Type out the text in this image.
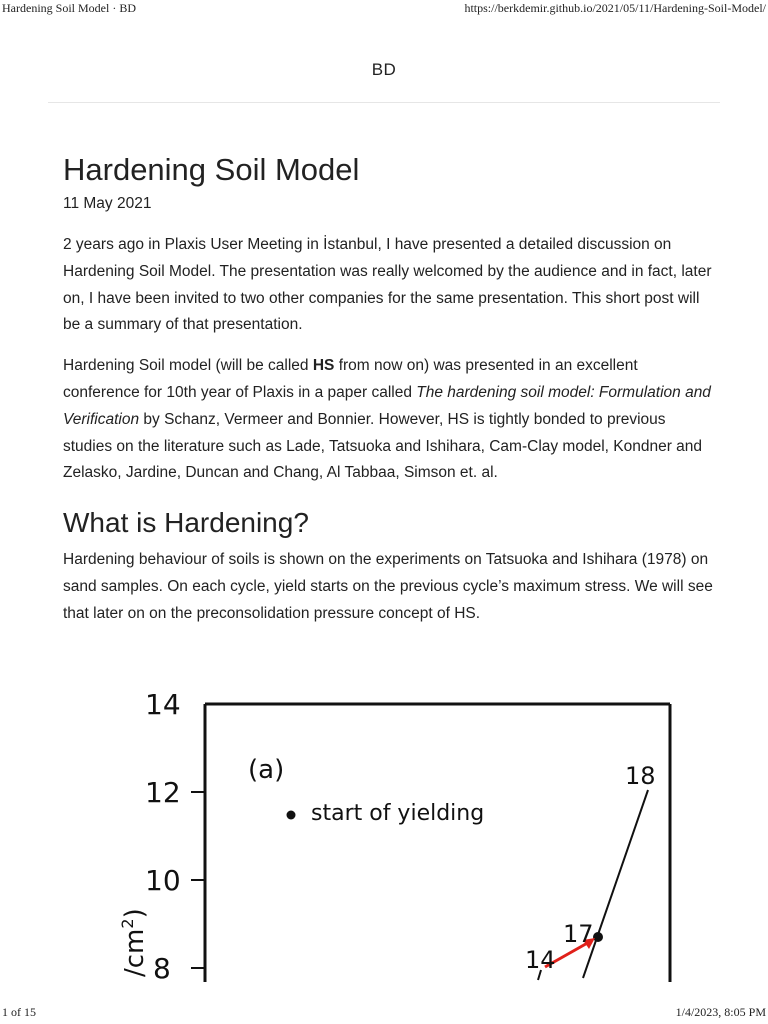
Hardening Soil Model · BD	https://berkdemir.github.io/2021/05/11/Hardening-Soil-Model/
BD
Hardening Soil Model
11 May 2021

2 years ago in Plaxis User Meeting in İstanbul, I have presented a detailed discussion on Hardening Soil Model. The presentation was really welcomed by the audience and in fact, later on, I have been invited to two other companies for the same presentation. This short post will be a summary of that presentation.

Hardening Soil model (will be called HS from now on) was presented in an excellent conference for 10th year of Plaxis in a paper called The hardening soil model: Formulation and Verification by Schanz, Vermeer and Bonnier. However, HS is tightly bonded to previous studies on the literature such as Lade, Tatsuoka and Ishihara, Cam-Clay model, Kondner and Zelasko, Jardine, Duncan and Chang, Al Tabbaa, Simson et. al.

What is Hardening?

Hardening behaviour of soils is shown on the experiments on Tatsuoka and Ishihara (1978) on sand samples. On each cycle, yield starts on the previous cycle’s maximum stress. We will see that later on on the preconsolidation pressure concept of HS.

14
12
10
8
$/cm^2$)
(a)
start of yielding
18
17
14
1 of 15	1/4/2023, 8:05 PM
